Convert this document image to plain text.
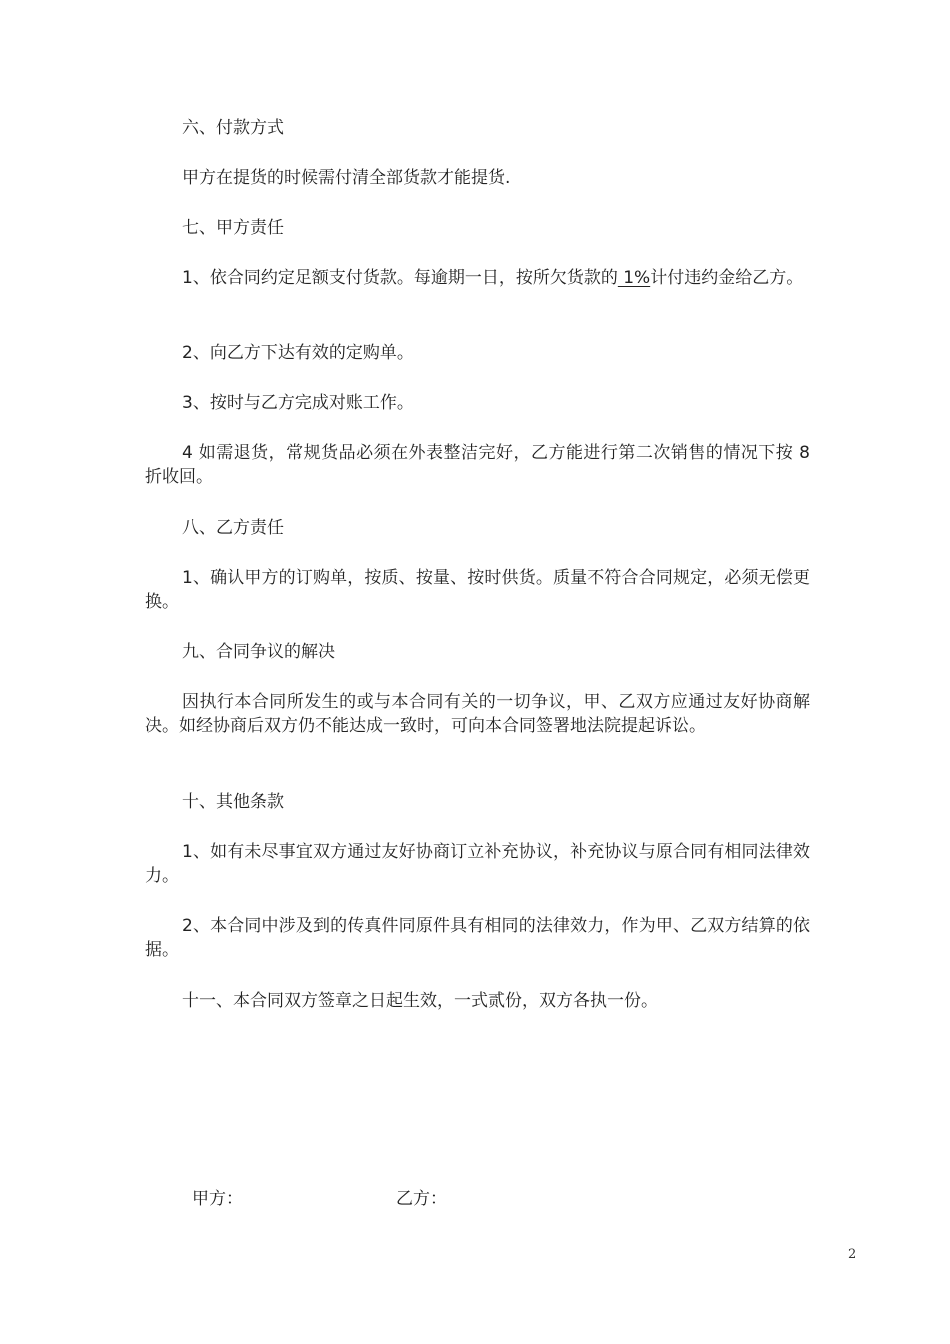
六、付款方式

甲方在提货的时候需付清全部货款才能提货.

七、甲方责任

1、依合同约定足额支付货款。每逾期一日，按所欠货款的 1%计付违约金给乙方。

2、向乙方下达有效的定购单。

3、按时与乙方完成对账工作。

4 如需退货，常规货品必须在外表整洁完好，乙方能进行第二次销售的情况下按 8 折收回。

八、乙方责任

1、确认甲方的订购单，按质、按量、按时供货。质量不符合合同规定，必须无偿更换。

九、合同争议的解决

因执行本合同所发生的或与本合同有关的一切争议，甲、乙双方应通过友好协商解决。如经协商后双方仍不能达成一致时，可向本合同签署地法院提起诉讼。

十、其他条款

1、如有未尽事宜双方通过友好协商订立补充协议，补充协议与原合同有相同法律效力。

2、本合同中涉及到的传真件同原件具有相同的法律效力，作为甲、乙双方结算的依据。

十一、本合同双方签章之日起生效，一式贰份，双方各执一份。

甲方：	乙方：
2
